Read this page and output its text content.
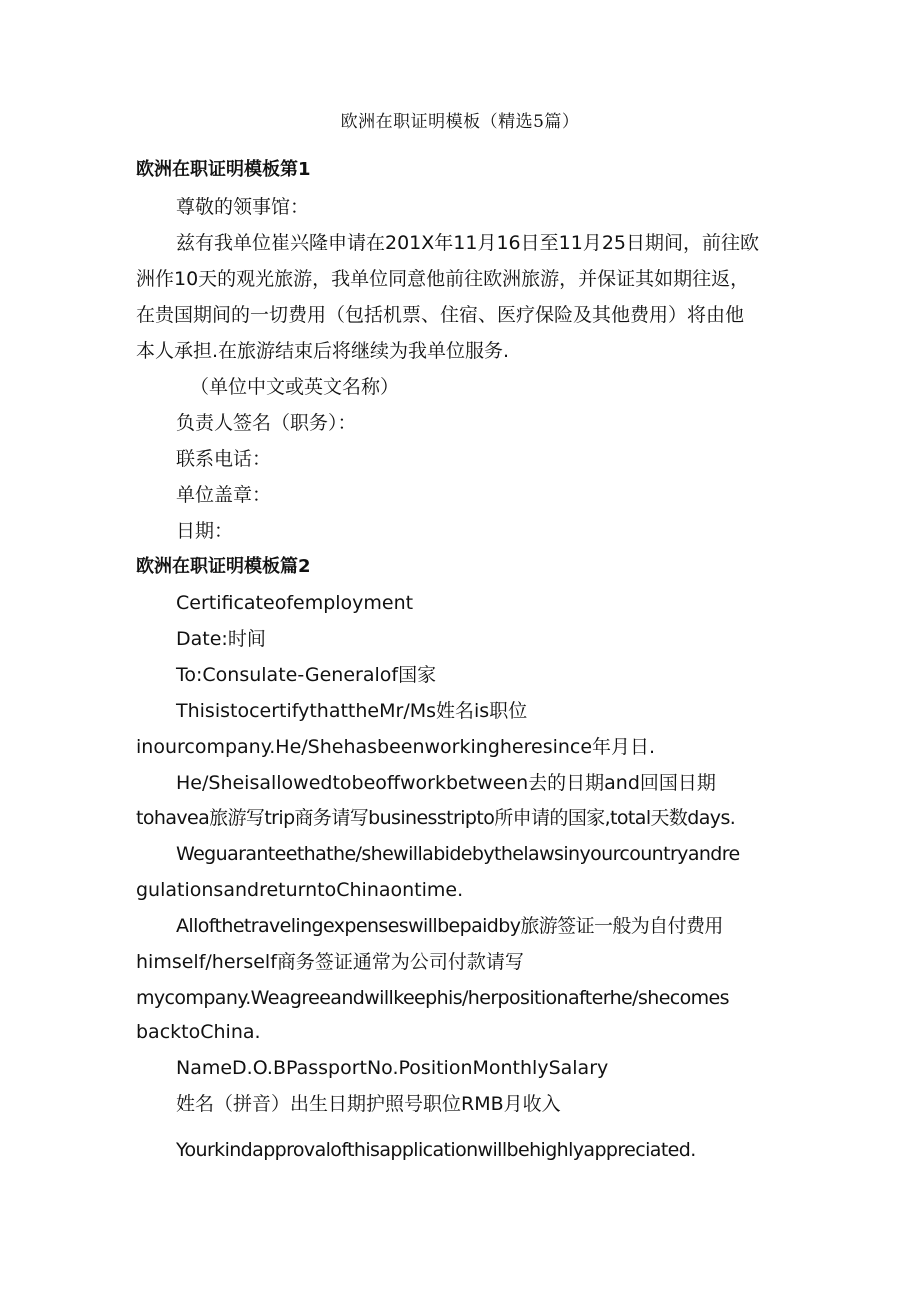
欧洲在职证明模板（精选5篇）
欧洲在职证明模板第1
尊敬的领事馆：
兹有我单位崔兴隆申请在201X年11月16日至11月25日期间，前往欧
洲作10天的观光旅游，我单位同意他前往欧洲旅游，并保证其如期往返，
在贵国期间的一切费用（包括机票、住宿、医疗保险及其他费用）将由他
本人承担.在旅游结束后将继续为我单位服务.
（单位中文或英文名称）
负责人签名（职务）：
联系电话：
单位盖章：
日期：
欧洲在职证明模板篇2
Certificateofemployment
Date:时间
To:Consulate-Generalof国家
ThisistocertifythattheMr/Ms姓名is职位
inourcompany.He/Shehasbeenworkingheresince年月日.
He/Sheisallowedtobeoffworkbetween去的日期and回国日期
tohavea旅游写trip商务请写businesstripto所申请的国家,total天数days.
Weguaranteethathe/shewillabidebythelawsinyourcountryandre
gulationsandreturntoChinaontime.
Allofthetravelingexpenseswillbepaidby旅游签证一般为自付费用
himself/herself商务签证通常为公司付款请写
mycompany.Weagreeandwillkeephis/herpositionafterhe/shecomes
backtoChina.
NameD.O.BPassportNo.PositionMonthlySalary
姓名（拼音）出生日期护照号职位RMB月收入
Yourkindapprovalofthisapplicationwillbehighlyappreciated.
